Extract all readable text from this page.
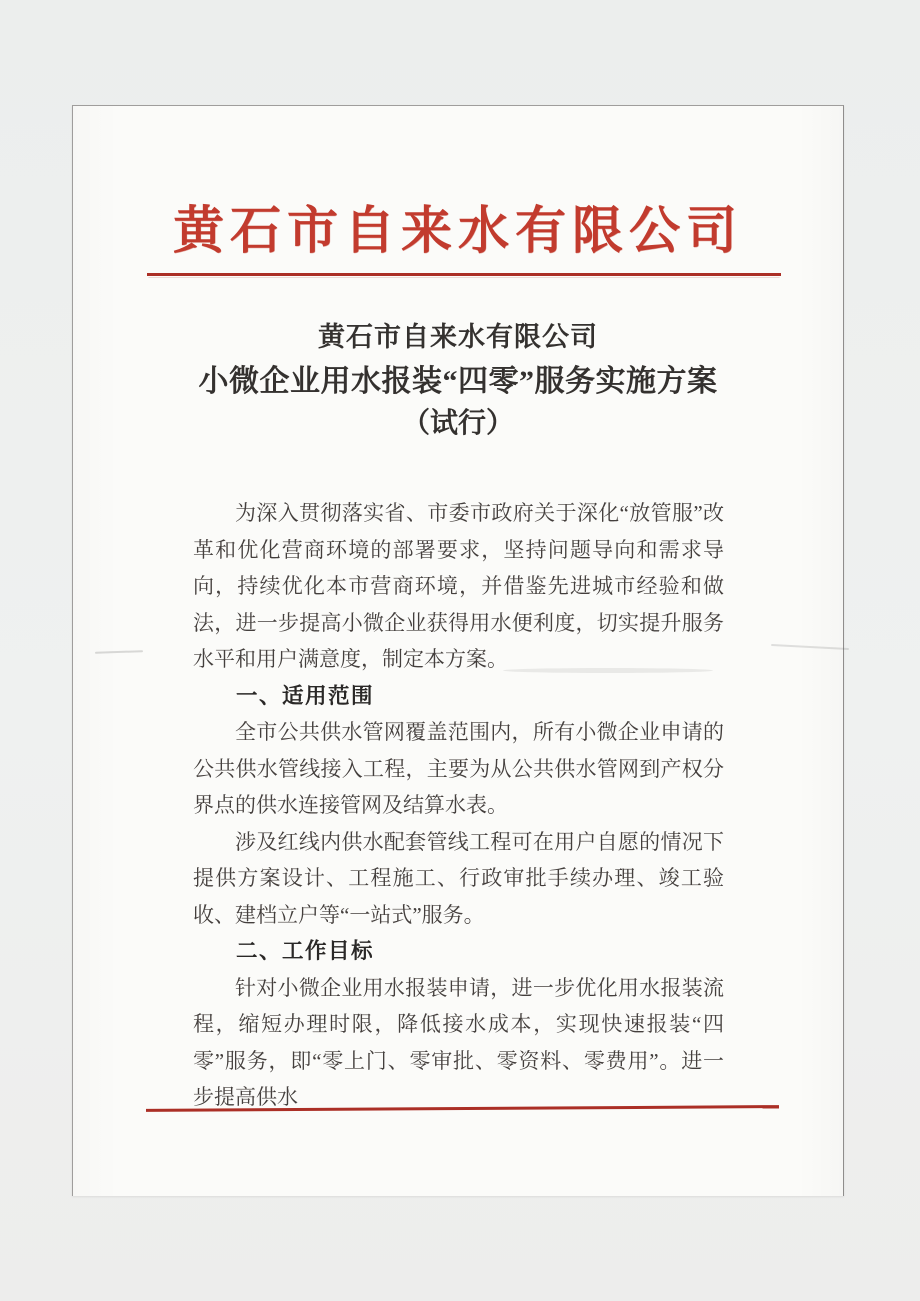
黄石市自来水有限公司
黄石市自来水有限公司
小微企业用水报装“四零”服务实施方案
（试行）

为深入贯彻落实省、市委市政府关于深化“放管服”改革和优化营商环境的部署要求，坚持问题导向和需求导向，持续优化本市营商环境，并借鉴先进城市经验和做法，进一步提高小微企业获得用水便利度，切实提升服务水平和用户满意度，制定本方案。

一、适用范围

全市公共供水管网覆盖范围内，所有小微企业申请的公共供水管线接入工程，主要为从公共供水管网到产权分界点的供水连接管网及结算水表。

涉及红线内供水配套管线工程可在用户自愿的情况下提供方案设计、工程施工、行政审批手续办理、竣工验收、建档立户等“一站式”服务。

二、工作目标

针对小微企业用水报装申请，进一步优化用水报装流程，缩短办理时限，降低接水成本，实现快速报装“四零”服务，即“零上门、零审批、零资料、零费用”。进一步提高供水
